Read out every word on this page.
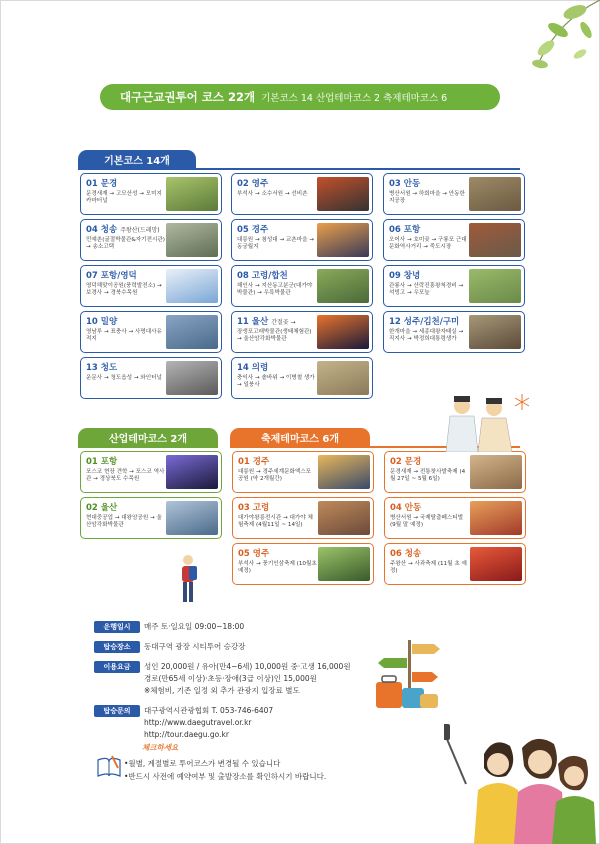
대구근교권투어 코스 22개 기본코스 14 산업테마코스 2 축제테마코스 6
기본코스 14개
01 문경
문경새재 → 고모산성 → 모미지카마터널
02 영주
부석사 → 소수서원 → 선비촌
03 안동
병산서원 → 하회마을 → 안동한지공장
04 청송 주왕산(드레망)
민예촌(굴절박물관&자기전시관) → 송소고택
05 경주
대릉원 → 첨성대 → 교촌마을 → 동궁월지
06 포항
오어사 → 호미곶 → 구룡포 근대문화역사거리 → 죽도시장
07 포항/영덕
영덕해맞이공원(풍력발전소) → 보경사 → 경북수목원
08 고령/합천
해인사 → 지산동고분군(대가야 박물관) → 우륵박물관
09 창녕
관룡사 → 산락진흥왕척경비 → 석빙고 → 우포늪
10 밀양
영남루 → 표충사 → 사명대사유적지
11 울산 간절곶 →
장생포고래박물관(생태체험관) → 울산암각화박물관
12 성주/김천/구미
한개마을 → 세종대왕자태실 → 직지사 → 박정희대통령생가
13 청도
운문사 → 청도읍성 → 와인터널
14 의령
충익사 → 솥바위 → 이병철 생가 → 일붕사
산업테마코스 2개	축제테마코스 6개
01 포항
포스코 현장 견학 → 포스코 역사관 → 경상북도 수목원
02 울산
현대중공업 → 대왕암공원 → 울산암각화박물관
01 경주
대릉원 → 경주세계문화엑스포 공원 (약 2개월간)
02 문경
문경새재 → 전통찻사발축제 (4월 27일 ~ 5월 6일)
03 고령
대가야왕릉전시관 → 대가야 체험축제 (4월11일 ~ 14일)
04 안동
병산서원 → 국제탈춤페스티벌 (9월 말 예정)
05 영주
부석사 → 풍기인삼축제 (10월초 예정)
06 청송
주왕산 → 사과축제 (11월 초 예정)
운행일시	매주 토·일요일 09:00~18:00
탑승장소	동대구역 광장 시티투어 승강장
이용요금	성인 20,000원 / 유아(만4~6세) 10,000원 중·고생 16,000원
경로(만65세 이상)·초등·장애(3급 이상)인 15,000원
※체험비, 기존 일정 외 추가 관광지 입장료 별도
탑승문의	대구광역시관광협회 T. 053-746-6407
http://www.daegutravel.or.kr
http://tour.daegu.go.kr
체크하세요
•월별, 계절별로 투어코스가 변경될 수 있습니다
•반드시 사전에 예약여부 및 출발장소를 확인하시기 바랍니다.
